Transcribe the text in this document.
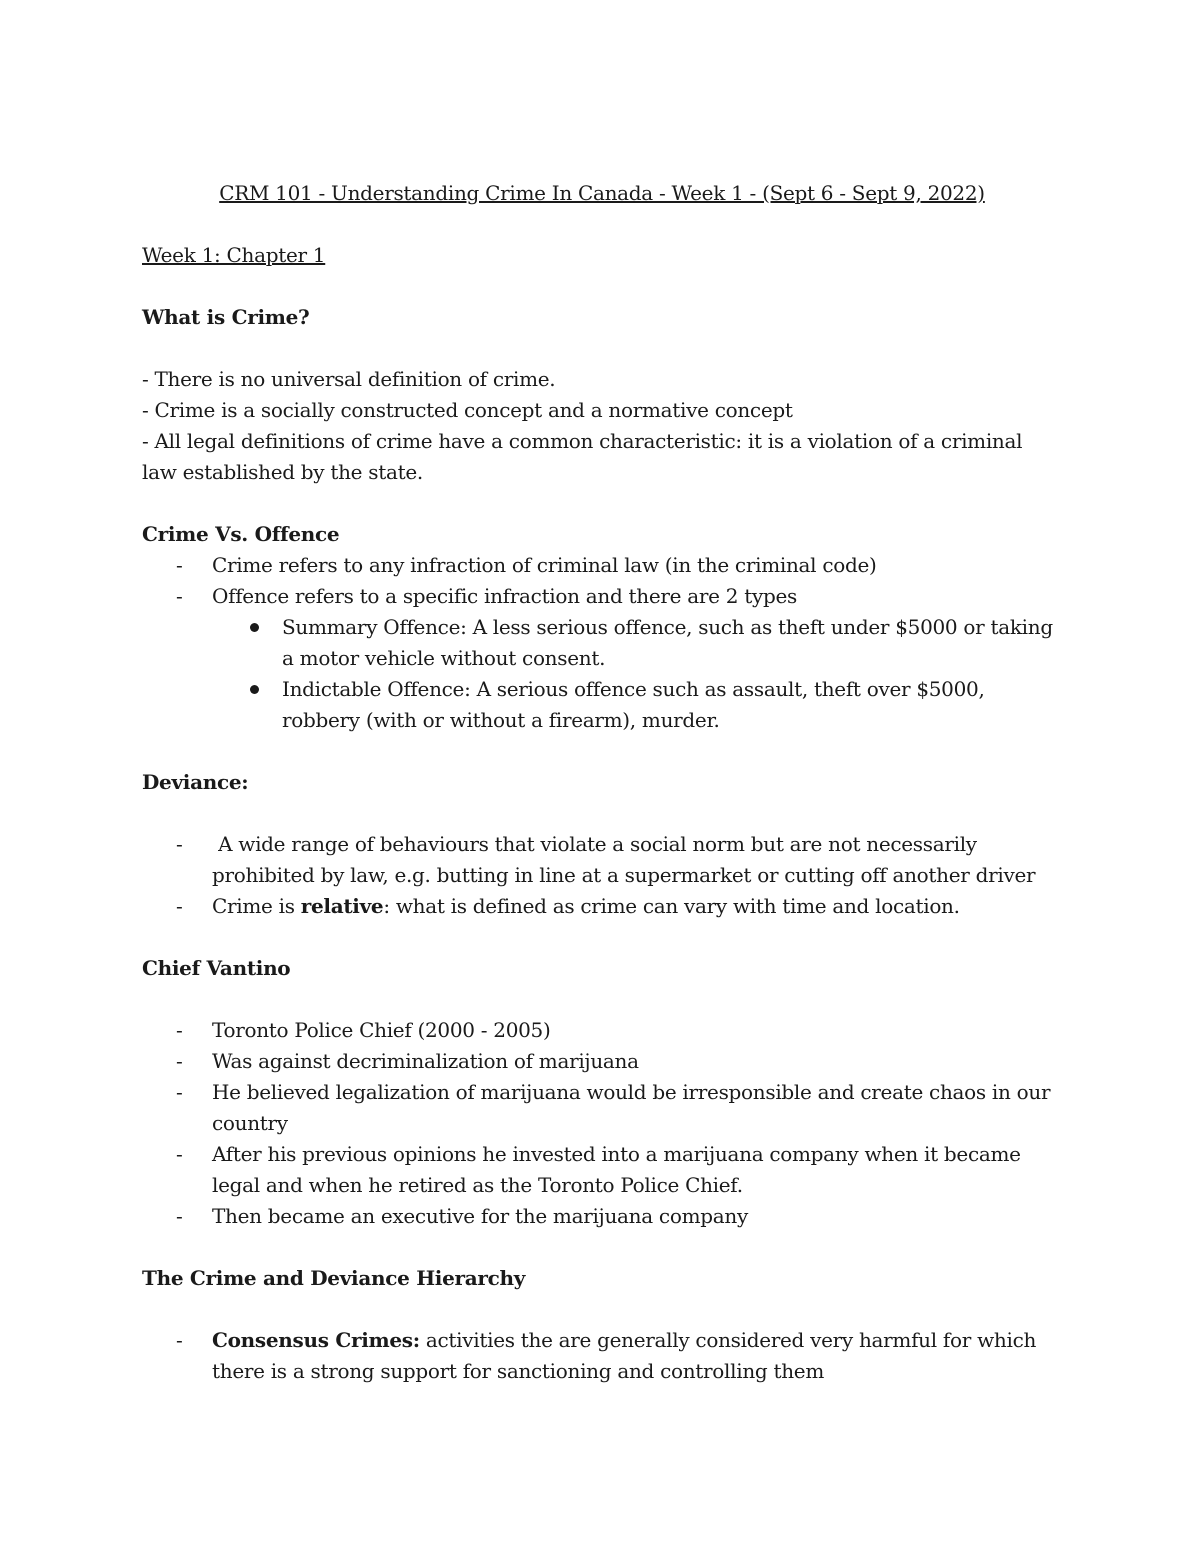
CRM 101 - Understanding Crime In Canada - Week 1 - (Sept 6 - Sept 9, 2022)

Week 1: Chapter 1

What is Crime?

- There is no universal definition of crime.

- Crime is a socially constructed concept and a normative concept

- All legal definitions of crime have a common characteristic: it is a violation of a criminal law established by the state.

Crime Vs. Offence

- Crime refers to any infraction of criminal law (in the criminal code)
- Offence refers to a specific infraction and there are 2 types
Summary Offence: A less serious offence, such as theft under $5000 or taking a motor vehicle without consent.
Indictable Offence: A serious offence such as assault, theft over $5000, robbery (with or without a firearm), murder.

Deviance:

- A wide range of behaviours that violate a social norm but are not necessarily prohibited by law, e.g. butting in line at a supermarket or cutting off another driver
- Crime is relative: what is defined as crime can vary with time and location.

Chief Vantino

- Toronto Police Chief (2000 - 2005)
- Was against decriminalization of marijuana
- He believed legalization of marijuana would be irresponsible and create chaos in our country
- After his previous opinions he invested into a marijuana company when it became legal and when he retired as the Toronto Police Chief.
- Then became an executive for the marijuana company

The Crime and Deviance Hierarchy

- Consensus Crimes: activities the are generally considered very harmful for which there is a strong support for sanctioning and controlling them
